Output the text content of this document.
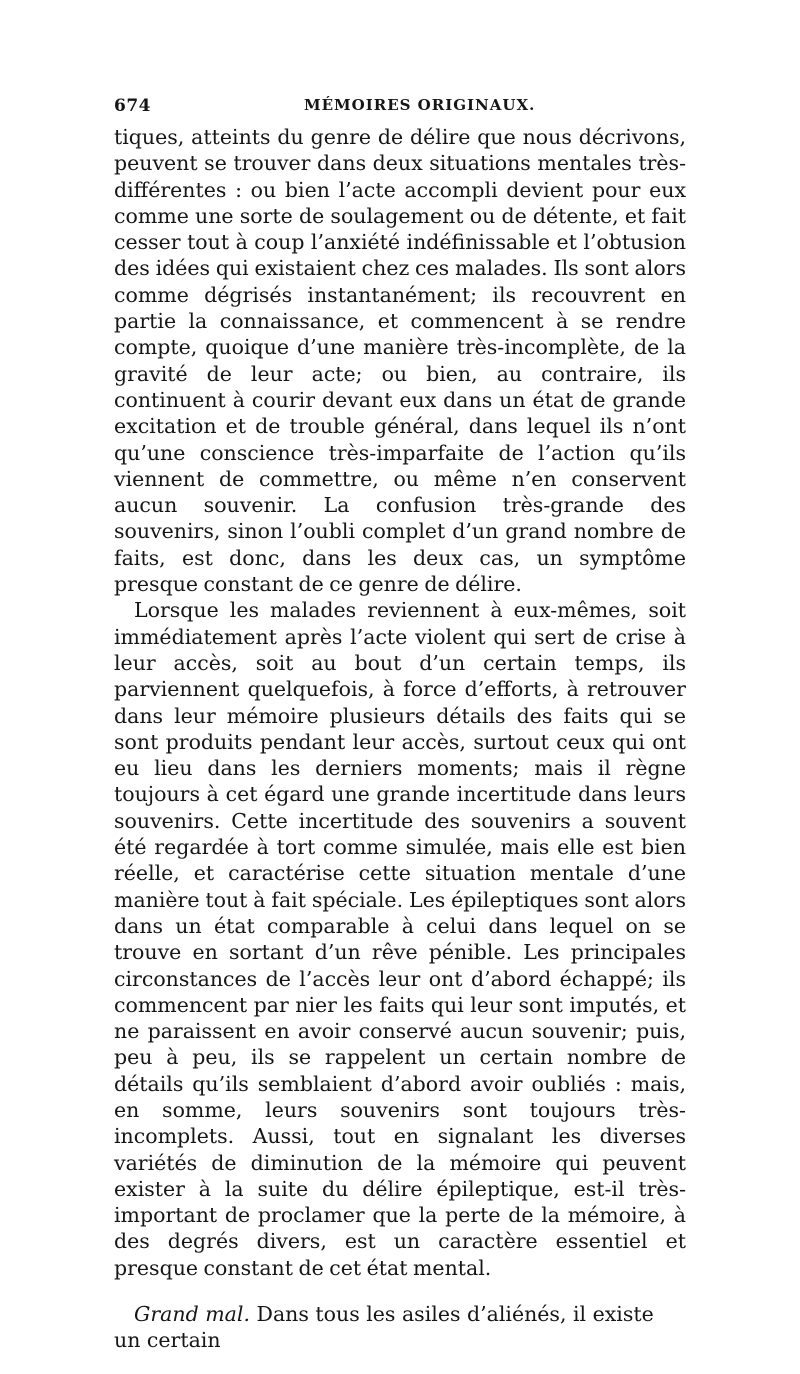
674	MÉMOIRES ORIGINAUX.

tiques, atteints du genre de délire que nous décrivons, peuvent se trouver dans deux situations mentales très-différentes : ou bien l’acte accompli devient pour eux comme une sorte de soulagement ou de détente, et fait cesser tout à coup l’anxiété indéfinissable et l’obtusion des idées qui existaient chez ces malades. Ils sont alors comme dégrisés instantanément; ils recouvrent en partie la connaissance, et commencent à se rendre compte, quoique d’une manière très-incomplète, de la gravité de leur acte; ou bien, au contraire, ils continuent à courir devant eux dans un état de grande excitation et de trouble général, dans lequel ils n’ont qu’une conscience très-imparfaite de l’action qu’ils viennent de commettre, ou même n’en conservent aucun souvenir. La confusion très-grande des souvenirs, sinon l’oubli complet d’un grand nombre de faits, est donc, dans les deux cas, un symptôme presque constant de ce genre de délire.

Lorsque les malades reviennent à eux-mêmes, soit immédiatement après l’acte violent qui sert de crise à leur accès, soit au bout d’un certain temps, ils parviennent quelquefois, à force d’efforts, à retrouver dans leur mémoire plusieurs détails des faits qui se sont produits pendant leur accès, surtout ceux qui ont eu lieu dans les derniers moments; mais il règne toujours à cet égard une grande incertitude dans leurs souvenirs. Cette incertitude des souvenirs a souvent été regardée à tort comme simulée, mais elle est bien réelle, et caractérise cette situation mentale d’une manière tout à fait spéciale. Les épileptiques sont alors dans un état comparable à celui dans lequel on se trouve en sortant d’un rêve pénible. Les principales circonstances de l’accès leur ont d’abord échappé; ils commencent par nier les faits qui leur sont imputés, et ne paraissent en avoir conservé aucun souvenir; puis, peu à peu, ils se rappelent un certain nombre de détails qu’ils semblaient d’abord avoir oubliés : mais, en somme, leurs souvenirs sont toujours très-incomplets. Aussi, tout en signalant les diverses variétés de diminution de la mémoire qui peuvent exister à la suite du délire épileptique, est-il très-important de proclamer que la perte de la mémoire, à des degrés divers, est un caractère essentiel et presque constant de cet état mental.

Grand mal. Dans tous les asiles d’aliénés, il existe un certain
